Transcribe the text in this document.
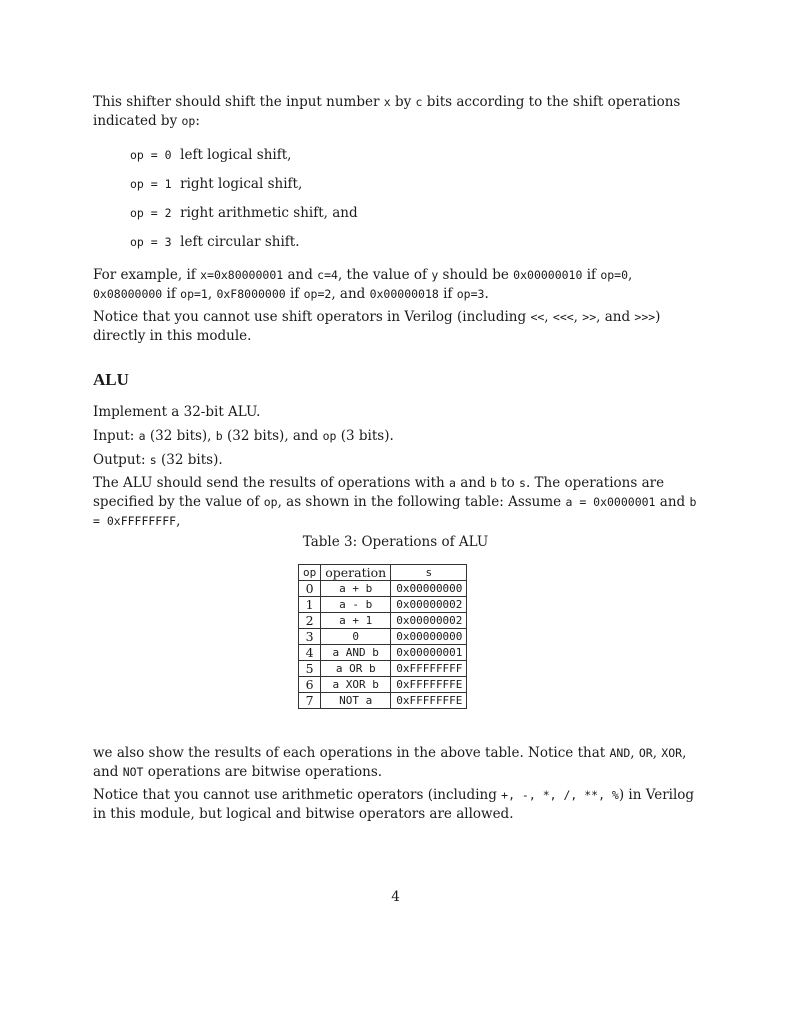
This shifter should shift the input number x by c bits according to the shift operations indicated by op:
op = 0 left logical shift,
op = 1 right logical shift,
op = 2 right arithmetic shift, and
op = 3 left circular shift.
For example, if x=0x80000001 and c=4, the value of y should be 0x00000010 if op=0, 0x08000000 if op=1, 0xF8000000 if op=2, and 0x00000018 if op=3.
Notice that you cannot use shift operators in Verilog (including <<, <<<, >>, and >>>) directly in this module.
ALU
Implement a 32-bit ALU.
Input: a (32 bits), b (32 bits), and op (3 bits).
Output: s (32 bits).
The ALU should send the results of operations with a and b to s. The operations are specified by the value of op, as shown in the following table: Assume a = 0x0000001 and b = 0xFFFFFFFF,
Table 3: Operations of ALU
op	operation	s
0	a + b	0x00000000
1	a - b	0x00000002
2	a + 1	0x00000002
3	0	0x00000000
4	a AND b	0x00000001
5	a OR b	0xFFFFFFFF
6	a XOR b	0xFFFFFFFE
7	NOT a	0xFFFFFFFE
we also show the results of each operations in the above table. Notice that AND, OR, XOR, and NOT operations are bitwise operations.
Notice that you cannot use arithmetic operators (including +, -, *, /, **, %) in Verilog in this module, but logical and bitwise operators are allowed.
4
